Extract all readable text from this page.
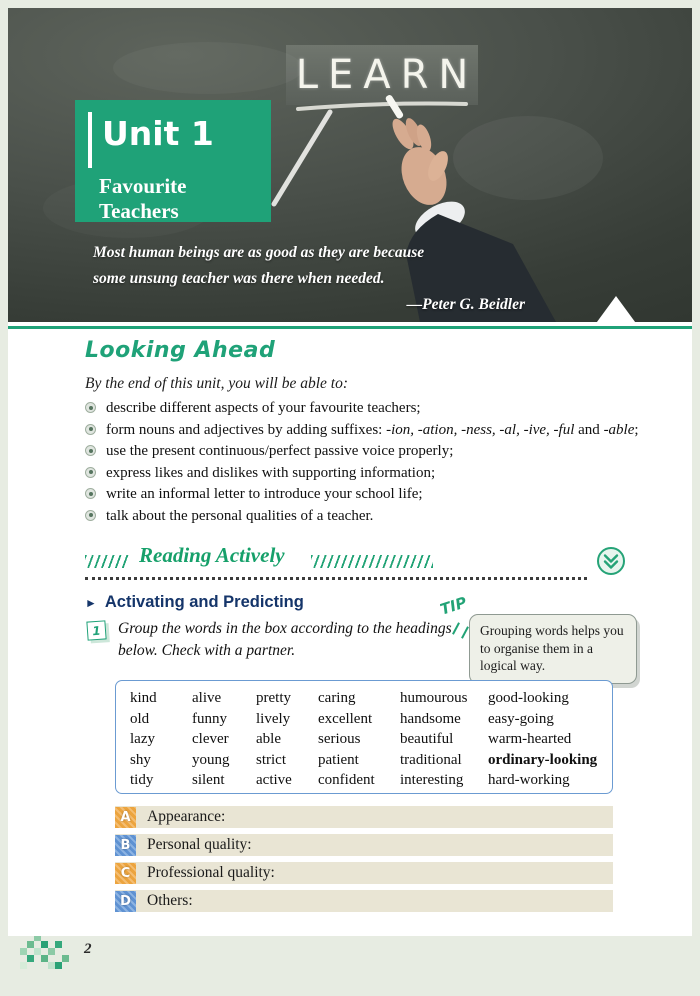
LEARN
Unit 1
Favourite Teachers
Most human beings are as good as they are because
some unsung teacher was there when needed.
—Peter G. Beidler
Looking Ahead
By the end of this unit, you will be able to:
describe different aspects of your favourite teachers;
form nouns and adjectives by adding suffixes: -ion, -ation, -ness, -al, -ive, -ful and -able;
use the present continuous/perfect passive voice properly;
express likes and dislikes with supporting information;
write an informal letter to introduce your school life;
talk about the personal qualities of a teacher.
Reading Actively
► Activating and Predicting
1	Group the words in the box according to the headings
below. Check with a partner.
TIP
Grouping words helps you to organise them in a logical way.
kind	alive	pretty	caring	humourous	good-looking
old	funny	lively	excellent	handsome	easy-going
lazy	clever	able	serious	beautiful	warm-hearted
shy	young	strict	patient	traditional	ordinary-looking
tidy	silent	active	confident	interesting	hard-working
A	Appearance:
B	Personal quality:
C	Professional quality:
D	Others:
2
